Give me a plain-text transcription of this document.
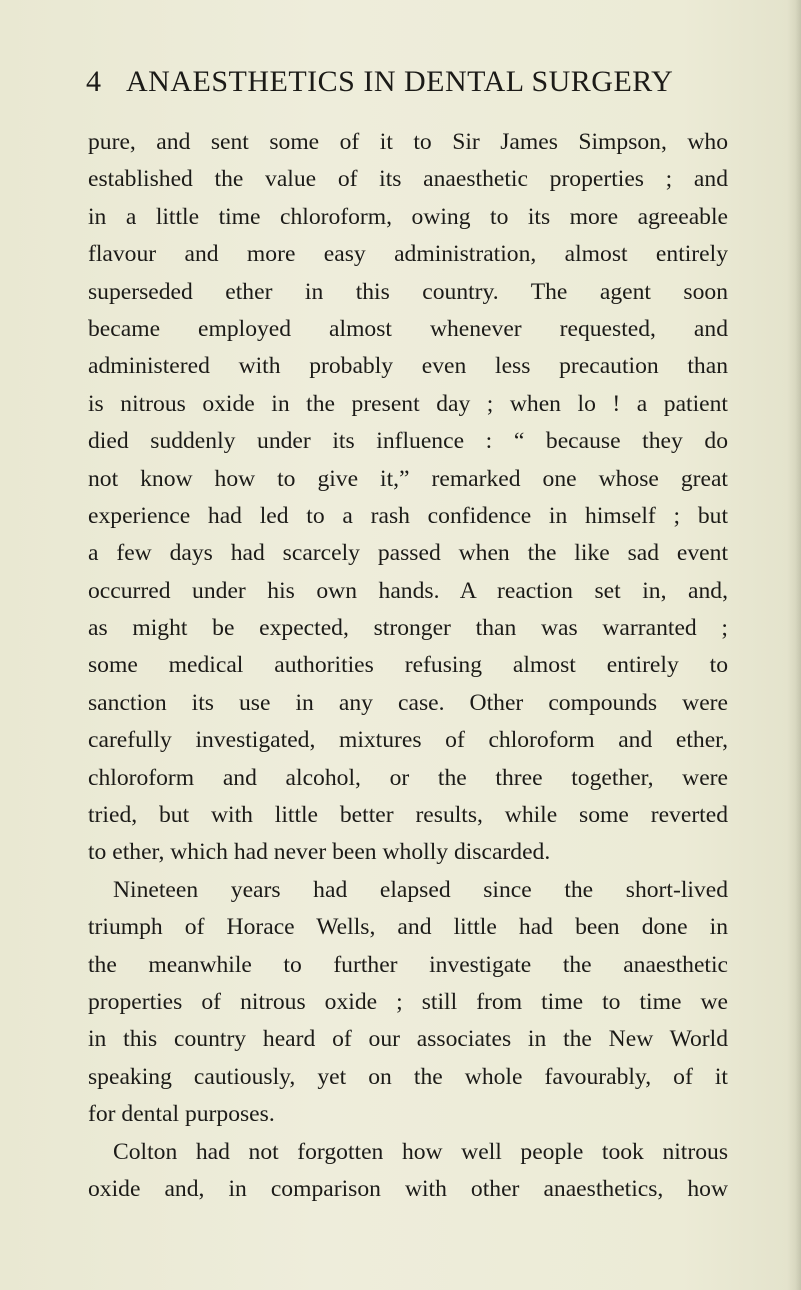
4 ANAESTHETICS IN DENTAL SURGERY
pure, and sent some of it to Sir James Simpson, who
established the value of its anaesthetic properties ; and
in a little time chloroform, owing to its more agreeable
flavour and more easy administration, almost entirely
superseded ether in this country. The agent soon
became employed almost whenever requested, and
administered with probably even less precaution than
is nitrous oxide in the present day ; when lo ! a patient
died suddenly under its influence : “ because they do
not know how to give it,” remarked one whose great
experience had led to a rash confidence in himself ; but
a few days had scarcely passed when the like sad event
occurred under his own hands. A reaction set in, and,
as might be expected, stronger than was warranted ;
some medical authorities refusing almost entirely to
sanction its use in any case. Other compounds were
carefully investigated, mixtures of chloroform and ether,
chloroform and alcohol, or the three together, were
tried, but with little better results, while some reverted
to ether, which had never been wholly discarded.
Nineteen years had elapsed since the short-lived
triumph of Horace Wells, and little had been done in
the meanwhile to further investigate the anaesthetic
properties of nitrous oxide ; still from time to time we
in this country heard of our associates in the New World
speaking cautiously, yet on the whole favourably, of it
for dental purposes.
Colton had not forgotten how well people took nitrous
oxide and, in comparison with other anaesthetics, how
